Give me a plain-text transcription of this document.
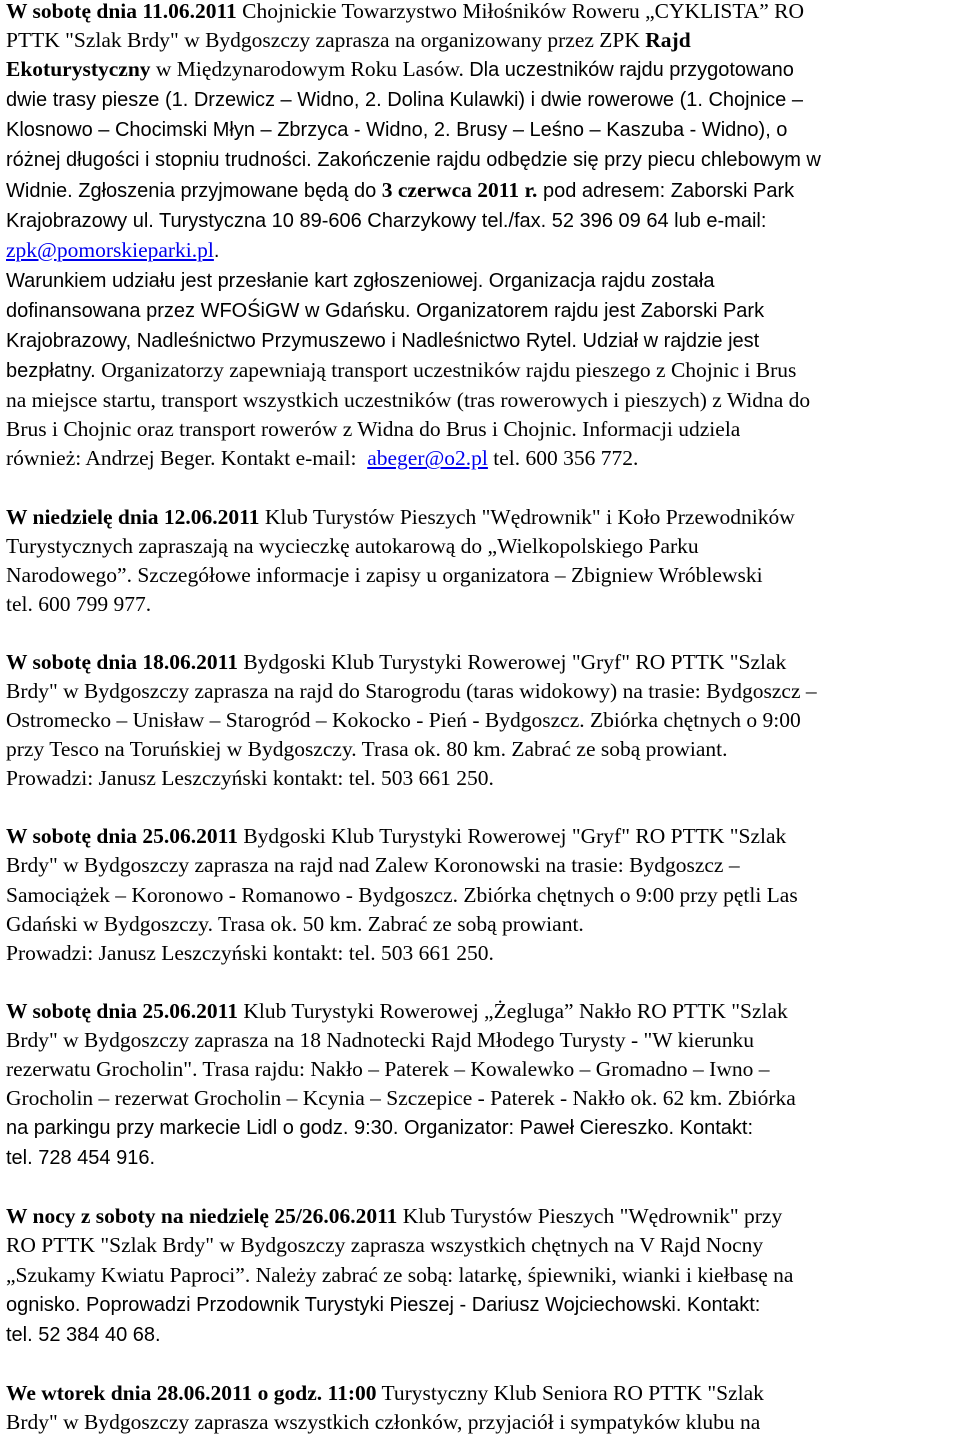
W sobotę dnia 11.06.2011 Chojnickie Towarzystwo Miłośników Roweru „CYKLISTA” RO
PTTK "Szlak Brdy" w Bydgoszczy zaprasza na organizowany przez ZPK Rajd
Ekoturystyczny w Międzynarodowym Roku Lasów. Dla uczestników rajdu przygotowano
dwie trasy piesze (1. Drzewicz – Widno, 2. Dolina Kulawki) i dwie rowerowe (1. Chojnice –
Klosnowo – Chocimski Młyn – Zbrzyca - Widno, 2. Brusy – Leśno – Kaszuba - Widno), o
różnej długości i stopniu trudności. Zakończenie rajdu odbędzie się przy piecu chlebowym w
Widnie. Zgłoszenia przyjmowane będą do 3 czerwca 2011 r. pod adresem: Zaborski Park
Krajobrazowy ul. Turystyczna 10 89-606 Charzykowy tel./fax. 52 396 09 64 lub e-mail:
zpk@pomorskieparki.pl.
Warunkiem udziału jest przesłanie kart zgłoszeniowej. Organizacja rajdu została
dofinansowana przez WFOŚiGW w Gdańsku. Organizatorem rajdu jest Zaborski Park
Krajobrazowy, Nadleśnictwo Przymuszewo i Nadleśnictwo Rytel. Udział w rajdzie jest
bezpłatny. Organizatorzy zapewniają transport uczestników rajdu pieszego z Chojnic i Brus
na miejsce startu, transport wszystkich uczestników (tras rowerowych i pieszych) z Widna do
Brus i Chojnic oraz transport rowerów z Widna do Brus i Chojnic. Informacji udziela
również: Andrzej Beger. Kontakt e-mail:  abeger@o2.pl tel. 600 356 772.
W niedzielę dnia 12.06.2011 Klub Turystów Pieszych "Wędrownik" i Koło Przewodników
Turystycznych zapraszają na wycieczkę autokarową do „Wielkopolskiego Parku
Narodowego”. Szczegółowe informacje i zapisy u organizatora – Zbigniew Wróblewski
tel. 600 799 977.
W sobotę dnia 18.06.2011 Bydgoski Klub Turystyki Rowerowej "Gryf" RO PTTK "Szlak
Brdy" w Bydgoszczy zaprasza na rajd do Starogrodu (taras widokowy) na trasie: Bydgoszcz –
Ostromecko – Unisław – Starogród – Kokocko - Pień - Bydgoszcz. Zbiórka chętnych o 9:00
przy Tesco na Toruńskiej w Bydgoszczy. Trasa ok. 80 km. Zabrać ze sobą prowiant.
Prowadzi: Janusz Leszczyński kontakt: tel. 503 661 250.
W sobotę dnia 25.06.2011 Bydgoski Klub Turystyki Rowerowej "Gryf" RO PTTK "Szlak
Brdy" w Bydgoszczy zaprasza na rajd nad Zalew Koronowski na trasie: Bydgoszcz –
Samociążek – Koronowo - Romanowo - Bydgoszcz. Zbiórka chętnych o 9:00 przy pętli Las
Gdański w Bydgoszczy. Trasa ok. 50 km. Zabrać ze sobą prowiant.
Prowadzi: Janusz Leszczyński kontakt: tel. 503 661 250.
W sobotę dnia 25.06.2011 Klub Turystyki Rowerowej „Żegluga” Nakło RO PTTK "Szlak
Brdy" w Bydgoszczy zaprasza na 18 Nadnotecki Rajd Młodego Turysty - "W kierunku
rezerwatu Grocholin". Trasa rajdu: Nakło – Paterek – Kowalewko – Gromadno – Iwno –
Grocholin – rezerwat Grocholin – Kcynia – Szczepice - Paterek - Nakło ok. 62 km. Zbiórka
na parkingu przy markecie Lidl o godz. 9:30. Organizator: Paweł Ciereszko. Kontakt:
tel. 728 454 916.
W nocy z soboty na niedzielę 25/26.06.2011 Klub Turystów Pieszych "Wędrownik" przy
RO PTTK "Szlak Brdy" w Bydgoszczy zaprasza wszystkich chętnych na V Rajd Nocny
„Szukamy Kwiatu Paproci”. Należy zabrać ze sobą: latarkę, śpiewniki, wianki i kiełbasę na
ognisko. Poprowadzi Przodownik Turystyki Pieszej - Dariusz Wojciechowski. Kontakt:
tel. 52 384 40 68.
We wtorek dnia 28.06.2011 o godz. 11:00 Turystyczny Klub Seniora RO PTTK "Szlak
Brdy" w Bydgoszczy zaprasza wszystkich członków, przyjaciół i sympatyków klubu na
